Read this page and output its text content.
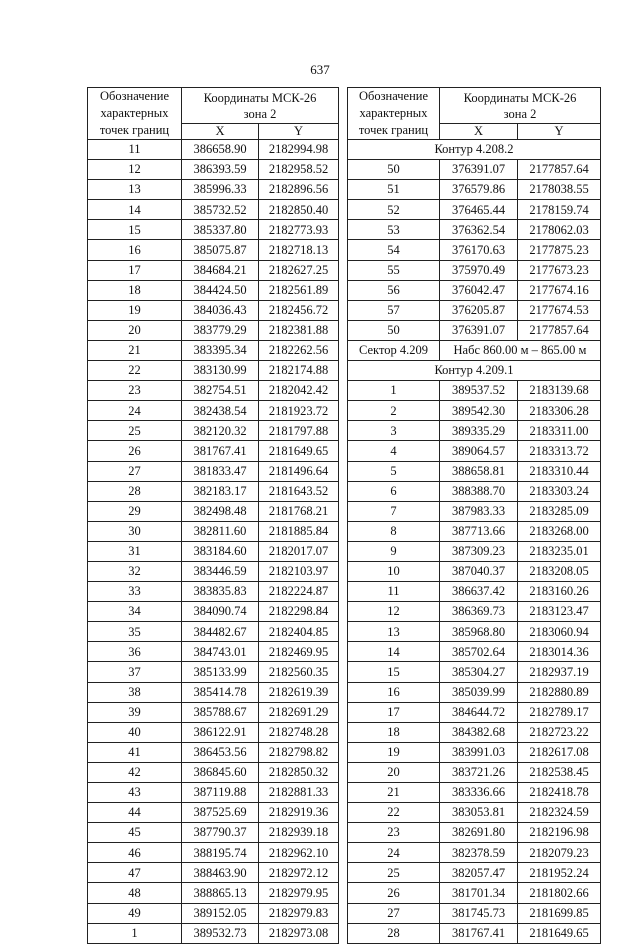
637
Обозначение
характерных
точек границ	Координаты МСК-26
зона 2	
	X	Y
11	386658.90	2182994.98
12	386393.59	2182958.52
13	385996.33	2182896.56
14	385732.52	2182850.40
15	385337.80	2182773.93
16	385075.87	2182718.13
17	384684.21	2182627.25
18	384424.50	2182561.89
19	384036.43	2182456.72
20	383779.29	2182381.88
21	383395.34	2182262.56
22	383130.99	2182174.88
23	382754.51	2182042.42
24	382438.54	2181923.72
25	382120.32	2181797.88
26	381767.41	2181649.65
27	381833.47	2181496.64
28	382183.17	2181643.52
29	382498.48	2181768.21
30	382811.60	2181885.84
31	383184.60	2182017.07
32	383446.59	2182103.97
33	383835.83	2182224.87
34	384090.74	2182298.84
35	384482.67	2182404.85
36	384743.01	2182469.95
37	385133.99	2182560.35
38	385414.78	2182619.39
39	385788.67	2182691.29
40	386122.91	2182748.28
41	386453.56	2182798.82
42	386845.60	2182850.32
43	387119.88	2182881.33
44	387525.69	2182919.36
45	387790.37	2182939.18
46	388195.74	2182962.10
47	388463.90	2182972.12
48	388865.13	2182979.95
49	389152.05	2182979.83
1	389532.73	2182973.08
Обозначение
характерных
точек границ	Координаты МСК-26
зона 2	
	X	Y
Контур 4.208.2		
50	376391.07	2177857.64
51	376579.86	2178038.55
52	376465.44	2178159.74
53	376362.54	2178062.03
54	376170.63	2177875.23
55	375970.49	2177673.23
56	376042.47	2177674.16
57	376205.87	2177674.53
50	376391.07	2177857.64
Сектор 4.209	Набс 860.00 м – 865.00 м	
Контур 4.209.1		
1	389537.52	2183139.68
2	389542.30	2183306.28
3	389335.29	2183311.00
4	389064.57	2183313.72
5	388658.81	2183310.44
6	388388.70	2183303.24
7	387983.33	2183285.09
8	387713.66	2183268.00
9	387309.23	2183235.01
10	387040.37	2183208.05
11	386637.42	2183160.26
12	386369.73	2183123.47
13	385968.80	2183060.94
14	385702.64	2183014.36
15	385304.27	2182937.19
16	385039.99	2182880.89
17	384644.72	2182789.17
18	384382.68	2182723.22
19	383991.03	2182617.08
20	383721.26	2182538.45
21	383336.66	2182418.78
22	383053.81	2182324.59
23	382691.80	2182196.98
24	382378.59	2182079.23
25	382057.47	2181952.24
26	381701.34	2181802.66
27	381745.73	2181699.85
28	381767.41	2181649.65
